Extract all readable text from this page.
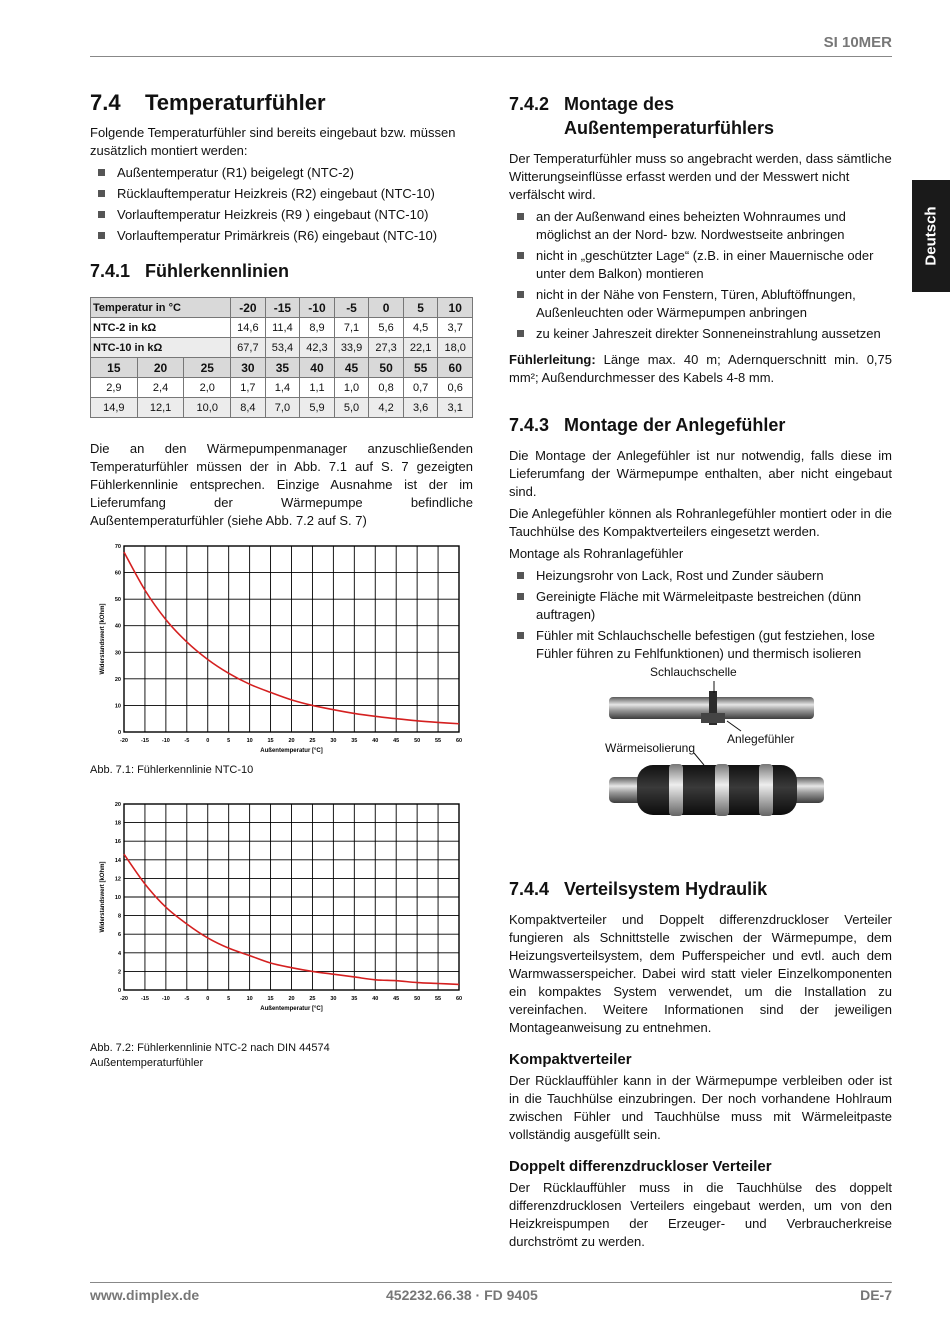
SI 10MER
Deutsch
7.4 Temperaturfühler

Folgende Temperaturfühler sind bereits eingebaut bzw. müssen zusätzlich montiert werden:

Außentemperatur (R1) beigelegt (NTC-2)
Rücklauftemperatur Heizkreis (R2) eingebaut (NTC-10)
Vorlauftemperatur Heizkreis (R9 ) eingebaut (NTC-10)
Vorlauftemperatur Primärkreis (R6) eingebaut (NTC-10)
7.4.1 Fühlerkennlinien
Temperatur in °C			-20	-15	-10	-5	0	5	10
NTC-2 in kΩ			14,6	11,4	8,9	7,1	5,6	4,5	3,7
NTC-10 in kΩ			67,7	53,4	42,3	33,9	27,3	22,1	18,0
15	20	25	30	35	40	45	50	55	60
2,9	2,4	2,0	1,7	1,4	1,1	1,0	0,8	0,7	0,6
14,9	12,1	10,0	8,4	7,0	5,9	5,0	4,2	3,6	3,1

Die an den Wärmepumpenmanager anzuschließenden Temperaturfühler müssen der in Abb. 7.1 auf S. 7 gezeigten Fühlerkennlinie entsprechen. Einzige Ausnahme ist der im Lieferumfang der Wärmepumpe befindliche Außentemperaturfühler (siehe Abb. 7.2 auf S. 7)

-20 -15 -10	-5	0	5	10	15	20	25	30	35	40	45	50	55	60
0
10
20
30
40
50
60
70
Außentemperatur [°C]
Widerstandswert [kOhm]
Abb. 7.1: Fühlerkennlinie NTC-10
-20 -15 -10	-5	0	5	10	15	20	25	30	35	40	45	50	55	60
0
2
4
6
8
10
12
14
16
18
20
Außentemperatur [°C]
Widerstandswert [kOhm]
Abb. 7.2: Fühlerkennlinie NTC-2 nach DIN 44574
Außentemperaturfühler
7.4.2 Montage des
Außentemperaturfühlers

Der Temperaturfühler muss so angebracht werden, dass sämtliche Witterungseinflüsse erfasst werden und der Messwert nicht verfälscht wird.

an der Außenwand eines beheizten Wohnraumes und möglichst an der Nord- bzw. Nordwestseite anbringen
nicht in „geschützter Lage“ (z.B. in einer Mauernische oder unter dem Balkon) montieren
nicht in der Nähe von Fenstern, Türen, Abluftöffnungen, Außenleuchten oder Wärmepumpen anbringen
zu keiner Jahreszeit direkter Sonneneinstrahlung aussetzen

Fühlerleitung: Länge max. 40 m; Adernquerschnitt min. 0,75 mm²; Außendurchmesser des Kabels 4-8 mm.

7.4.3 Montage der Anlegefühler

Die Montage der Anlegefühler ist nur notwendig, falls diese im Lieferumfang der Wärmepumpe enthalten, aber nicht eingebaut sind.

Die Anlegefühler können als Rohranlegefühler montiert oder in die Tauchhülse des Kompaktverteilers eingesetzt werden.

Montage als Rohranlagefühler

Heizungsrohr von Lack, Rost und Zunder säubern
Gereinigte Fläche mit Wärmeleitpaste bestreichen (dünn auftragen)
Fühler mit Schlauchschelle befestigen (gut festziehen, lose Fühler führen zu Fehlfunktionen) und thermisch isolieren
Schlauchschelle
Anlegefühler
Wärmeisolierung
7.4.4 Verteilsystem Hydraulik

Kompaktverteiler und Doppelt differenzdruckloser Verteiler fungieren als Schnittstelle zwischen der Wärmepumpe, dem Heizungsverteilsystem, dem Pufferspeicher und evtl. auch dem Warmwasserspeicher. Dabei wird statt vieler Einzelkomponenten ein kompaktes System verwendet, um die Installation zu vereinfachen. Weitere Informationen sind der jeweiligen Montageanweisung zu entnehmen.

Kompaktverteiler

Der Rücklauffühler kann in der Wärmepumpe verbleiben oder ist in die Tauchhülse einzubringen. Der noch vorhandene Hohlraum zwischen Fühler und Tauchhülse muss mit Wärmeleitpaste vollständig ausgefüllt sein.

Doppelt differenzdruckloser Verteiler

Der Rücklauffühler muss in die Tauchhülse des doppelt differenzdrucklosen Verteilers eingebaut werden, um von den Heizkreispumpen der Erzeuger- und Verbraucherkreise durchströmt zu werden.

www.dimplex.de	452232.66.38 · FD 9405	DE-7
